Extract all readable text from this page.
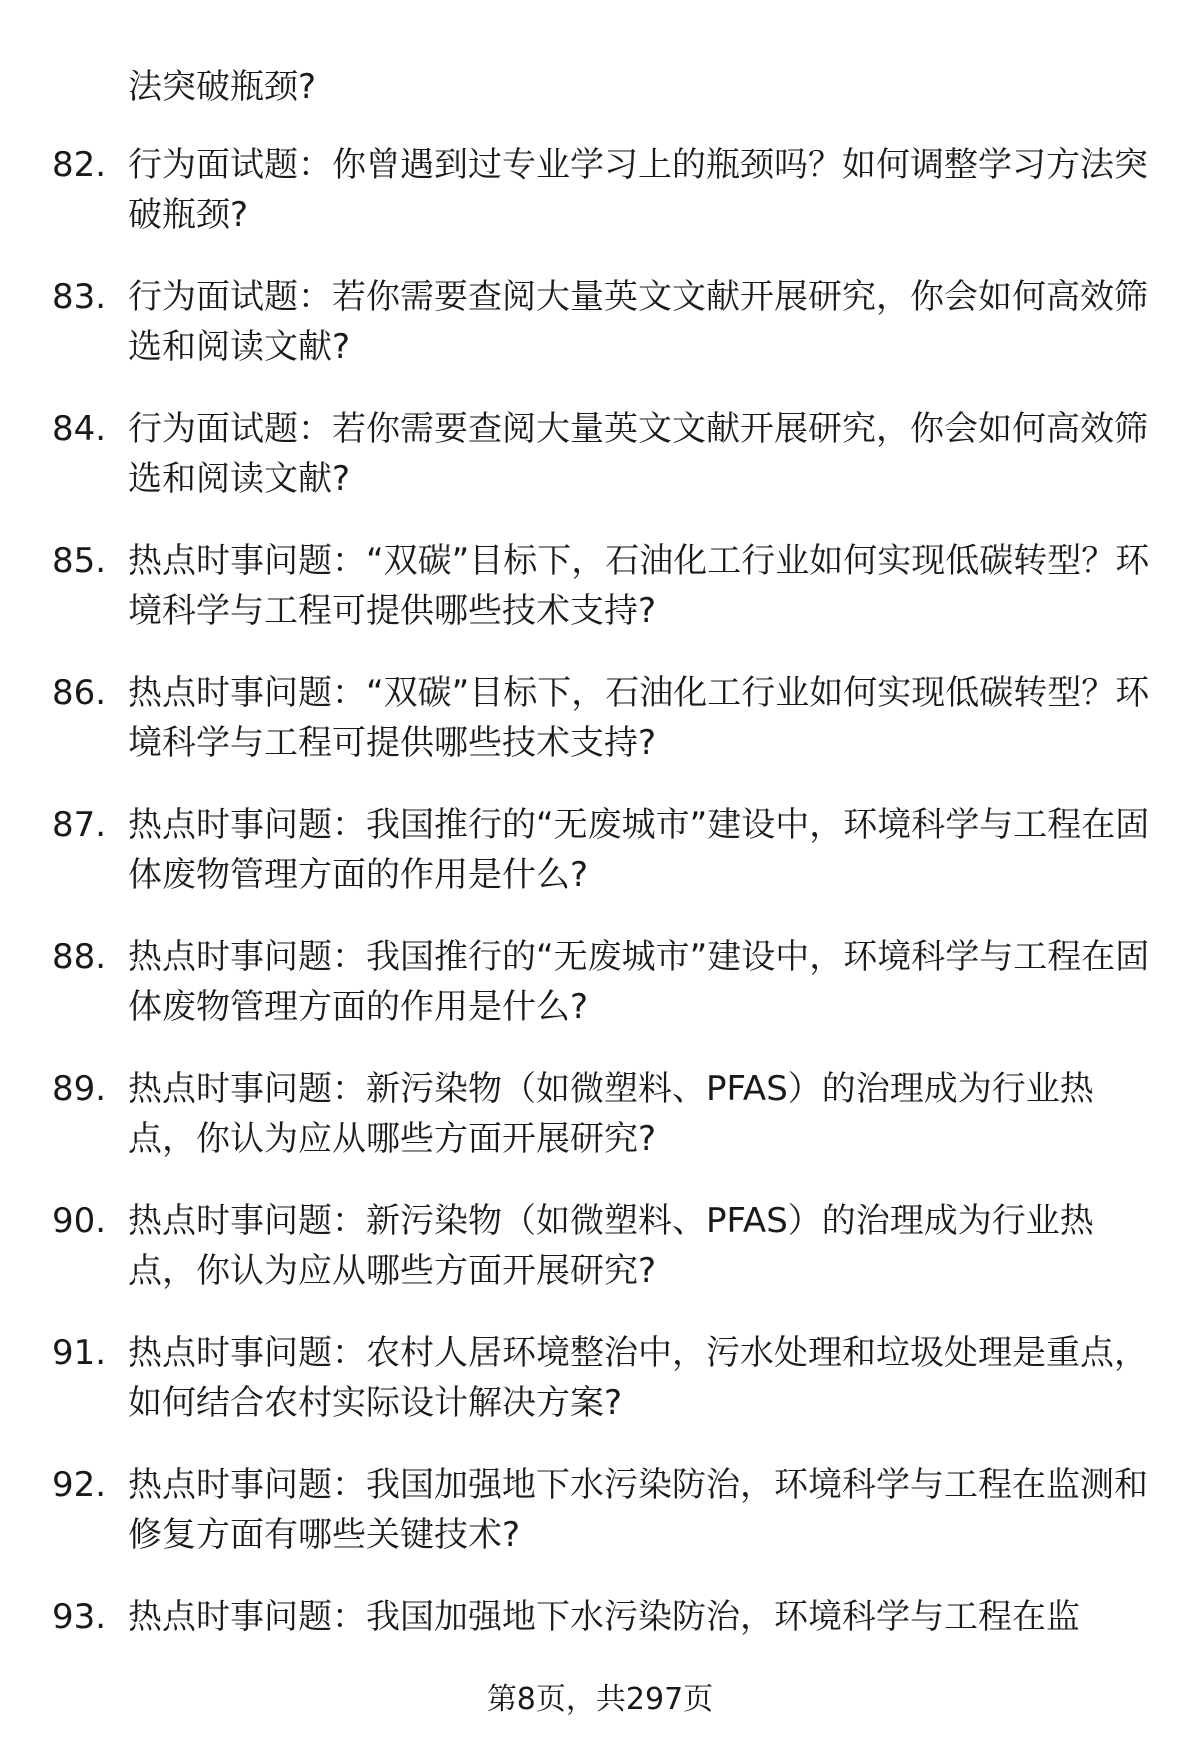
法突破瓶颈?
82. 行为面试题：你曾遇到过专业学习上的瓶颈吗？如何调整学习方法突破瓶颈?
83. 行为面试题：若你需要查阅大量英文文献开展研究，你会如何高效筛选和阅读文献?
84. 行为面试题：若你需要查阅大量英文文献开展研究，你会如何高效筛选和阅读文献?
85. 热点时事问题：“双碳”目标下，石油化工行业如何实现低碳转型？环境科学与工程可提供哪些技术支持?
86. 热点时事问题：“双碳”目标下，石油化工行业如何实现低碳转型？环境科学与工程可提供哪些技术支持?
87. 热点时事问题：我国推行的“无废城市”建设中，环境科学与工程在固体废物管理方面的作用是什么?
88. 热点时事问题：我国推行的“无废城市”建设中，环境科学与工程在固体废物管理方面的作用是什么?
89. 热点时事问题：新污染物（如微塑料、PFAS）的治理成为行业热点，你认为应从哪些方面开展研究?
90. 热点时事问题：新污染物（如微塑料、PFAS）的治理成为行业热点，你认为应从哪些方面开展研究?
91. 热点时事问题：农村人居环境整治中，污水处理和垃圾处理是重点，如何结合农村实际设计解决方案?
92. 热点时事问题：我国加强地下水污染防治，环境科学与工程在监测和修复方面有哪些关键技术?
93. 热点时事问题：我国加强地下水污染防治，环境科学与工程在监
第8页，共297页
